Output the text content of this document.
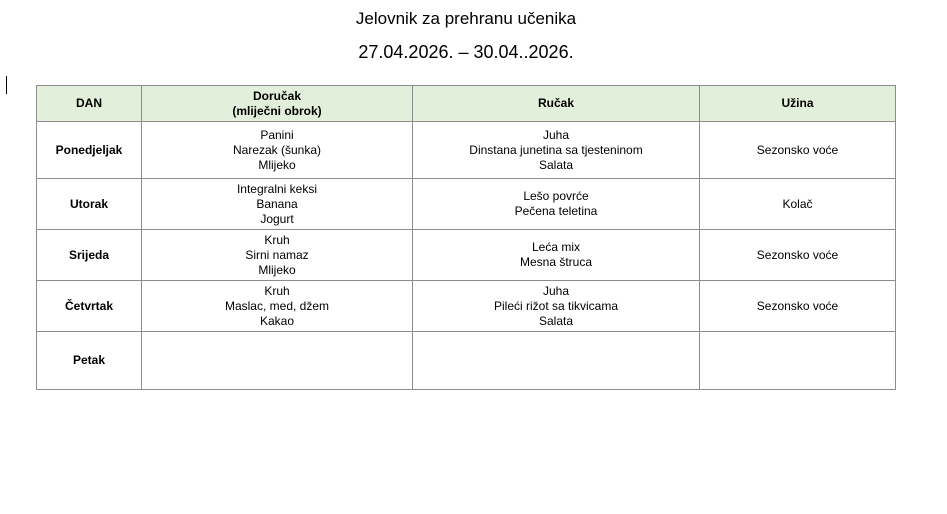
Jelovnik za prehranu učenika
27.04.2026. – 30.04..2026.
DAN	Doručak
(mliječni obrok)	Ručak	Užina
Ponedjeljak	Panini
Narezak (šunka)
Mlijeko	Juha
Dinstana junetina sa tjesteninom
Salata	Sezonsko voće

Utorak	Integralni keksi
Banana
Jogurt	Lešo povrće
Pečena teletina	Kolač

Srijeda	Kruh
Sirni namaz
Mlijeko	Leća mix
Mesna štruca	Sezonsko voće

Četvrtak	Kruh
Maslac, med, džem
Kakao	Juha
Pileći rižot sa tikvicama
Salata	Sezonsko voće

Petak			
